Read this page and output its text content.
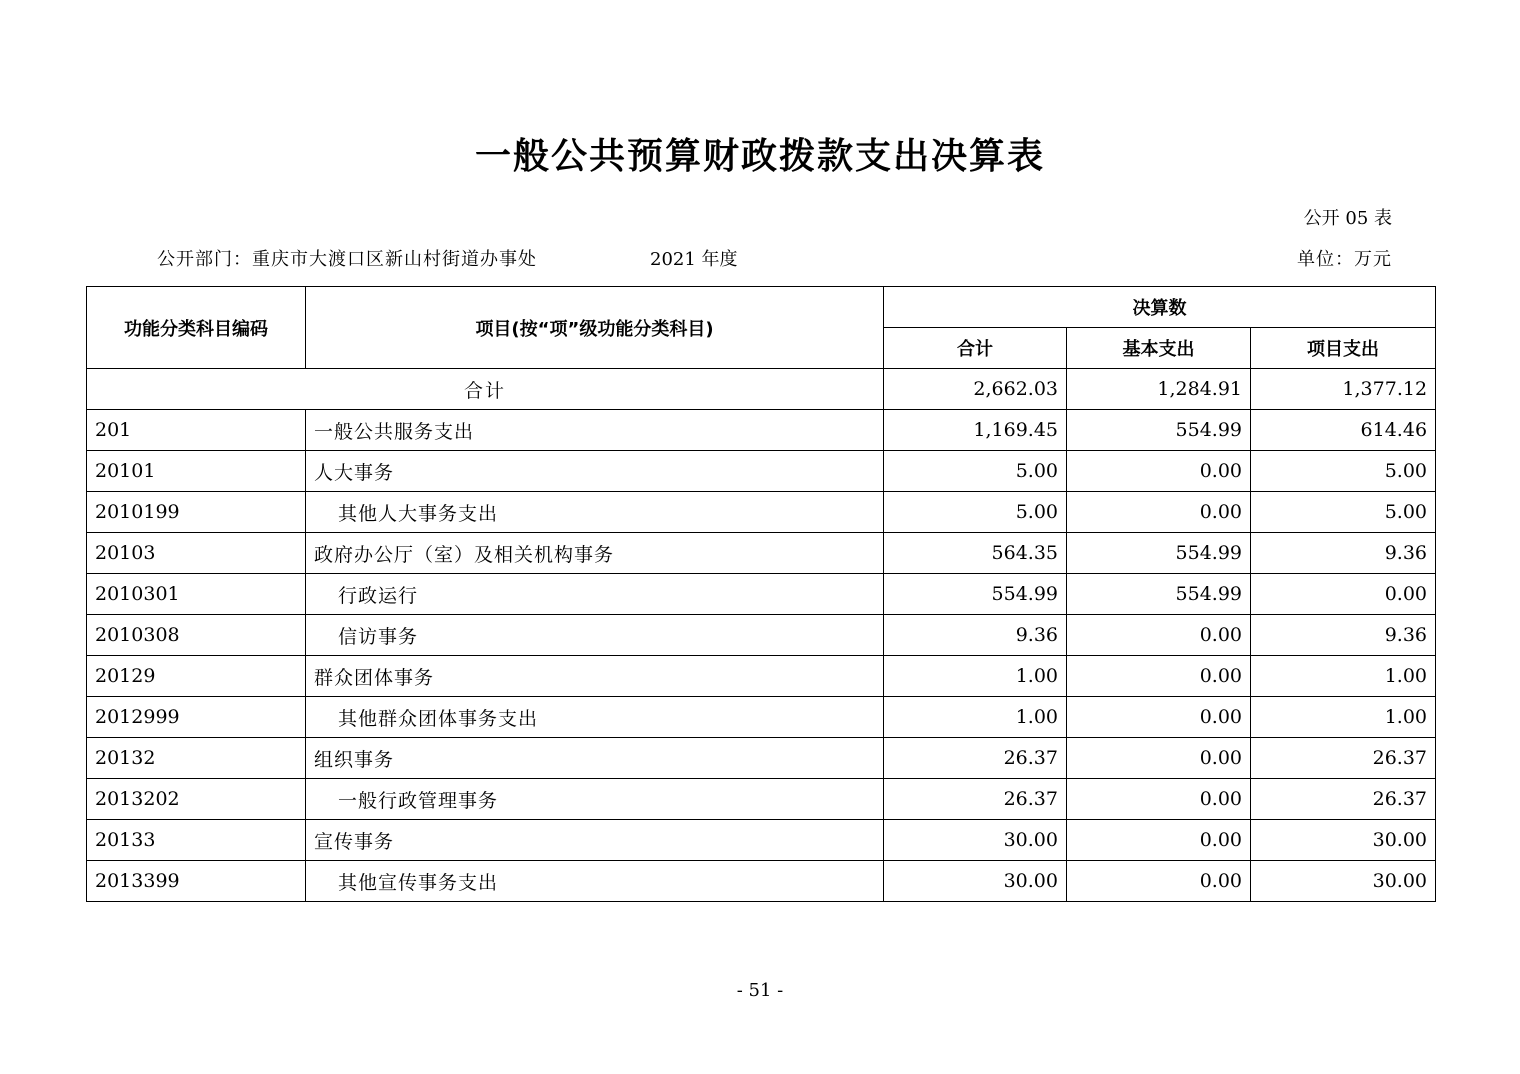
一般公共预算财政拨款支出决算表
公开 05 表
公开部门：重庆市大渡口区新山村街道办事处	2021 年度	单位：万元
功能分类科目编码	项目(按“项”级功能分类科目)	决算数		
		合计	基本支出	项目支出
合计		2,662.03	1,284.91	1,377.12
201	一般公共服务支出	1,169.45	554.99	614.46
20101	人大事务	5.00	0.00	5.00
2010199	其他人大事务支出	5.00	0.00	5.00
20103	政府办公厅（室）及相关机构事务	564.35	554.99	9.36
2010301	行政运行	554.99	554.99	0.00
2010308	信访事务	9.36	0.00	9.36
20129	群众团体事务	1.00	0.00	1.00
2012999	其他群众团体事务支出	1.00	0.00	1.00
20132	组织事务	26.37	0.00	26.37
2013202	一般行政管理事务	26.37	0.00	26.37
20133	宣传事务	30.00	0.00	30.00
2013399	其他宣传事务支出	30.00	0.00	30.00
- 51 -
